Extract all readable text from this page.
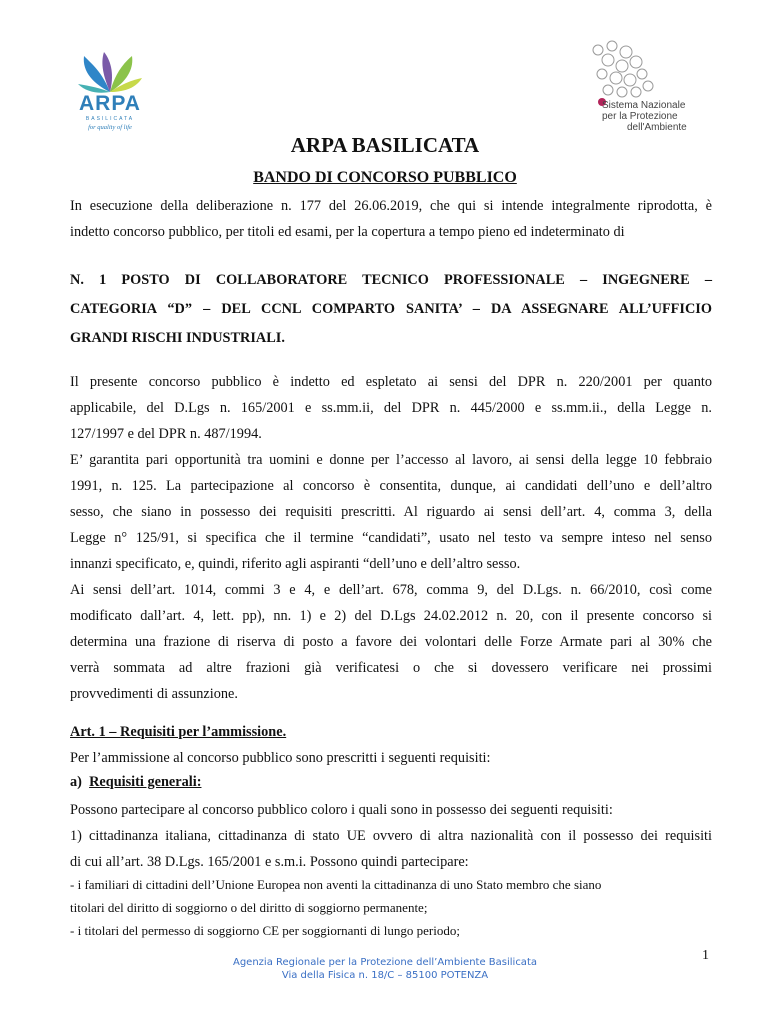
ARPA
BASILICATA
for quality of life
Sistema Nazionale
per la Protezione
dell'Ambiente
ARPA BASILICATA
BANDO DI CONCORSO PUBBLICO
In esecuzione della deliberazione n. 177 del 26.06.2019, che qui si intende integralmente riprodotta, è
indetto concorso pubblico, per titoli ed esami, per la copertura a tempo pieno ed indeterminato di
N. 1 POSTO DI COLLABORATORE TECNICO PROFESSIONALE – INGEGNERE –
CATEGORIA “D” – DEL CCNL COMPARTO SANITA’ – DA ASSEGNARE ALL’UFFICIO
GRANDI RISCHI INDUSTRIALI.
Il presente concorso pubblico è indetto ed espletato ai sensi del DPR n. 220/2001 per quanto
applicabile, del D.Lgs n. 165/2001 e ss.mm.ii, del DPR n. 445/2000 e ss.mm.ii., della Legge n.
127/1997 e del DPR n. 487/1994.
E’ garantita pari opportunità tra uomini e donne per l’accesso al lavoro, ai sensi della legge 10 febbraio
1991, n. 125. La partecipazione al concorso è consentita, dunque, ai candidati dell’uno e dell’altro
sesso, che siano in possesso dei requisiti prescritti. Al riguardo ai sensi dell’art. 4, comma 3, della
Legge n° 125/91, si specifica che il termine “candidati”, usato nel testo va sempre inteso nel senso
innanzi specificato, e, quindi, riferito agli aspiranti “dell’uno e dell’altro sesso.
Ai sensi dell’art. 1014, commi 3 e 4, e dell’art. 678, comma 9, del D.Lgs. n. 66/2010, così come
modificato dall’art. 4, lett. pp), nn. 1) e 2) del D.Lgs 24.02.2012 n. 20, con il presente concorso si
determina una frazione di riserva di posto a favore dei volontari delle Forze Armate pari al 30% che
verrà sommata ad altre frazioni già verificatesi o che si dovessero verificare nei prossimi
provvedimenti di assunzione.
Art. 1 – Requisiti per l’ammissione.
Per l’ammissione al concorso pubblico sono prescritti i seguenti requisiti:
a) Requisiti generali:
Possono partecipare al concorso pubblico coloro i quali sono in possesso dei seguenti requisiti:
1) cittadinanza italiana, cittadinanza di stato UE ovvero di altra nazionalità con il possesso dei requisiti
di cui all’art. 38 D.Lgs. 165/2001 e s.m.i. Possono quindi partecipare:
- i familiari di cittadini dell’Unione Europea non aventi la cittadinanza di uno Stato membro che siano
titolari del diritto di soggiorno o del diritto di soggiorno permanente;
- i titolari del permesso di soggiorno CE per soggiornanti di lungo periodo;
1
Agenzia Regionale per la Protezione dell’Ambiente Basilicata
Via della Fisica n. 18/C – 85100 POTENZA
